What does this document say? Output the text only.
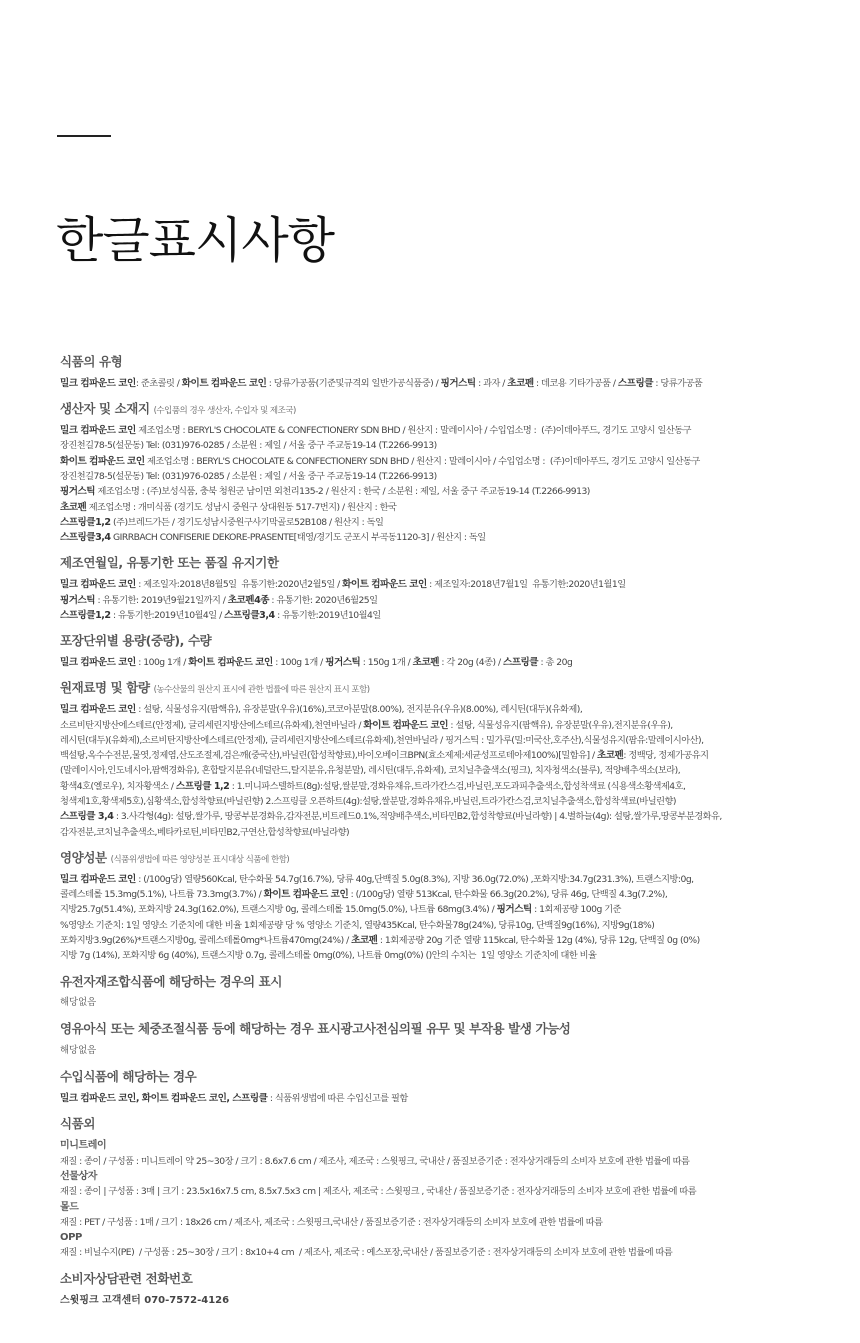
한글표시사항
식품의 유형

밀크 컴파운드 코인: 준초콜릿 / 화이트 컴파운드 코인 : 당류가공품(기준및규격외 일반가공식품중) / 핑거스틱 : 과자 / 초코펜 : 데코용 기타가공품 / 스프링클 : 당류가공품

생산자 및 소재지 (수입품의 경우 생산자, 수입자 및 제조국)

밀크 컴파운드 코인 제조업소명 : BERYL'S CHOCOLATE & CONFECTIONERY SDN BHD / 원산지 : 말레이시아 / 수입업소명 :  (주)이데아푸드, 경기도 고양시 일산동구

장진천길78-5(설문동) Tel: (031)976-0285 / 소분원 : 제일 / 서울 중구 주교동19-14 (T.2266-9913)

화이트 컴파운드 코인 제조업소명 : BERYL'S CHOCOLATE & CONFECTIONERY SDN BHD / 원산지 : 말레이시아 / 수입업소명 :  (주)이데아푸드, 경기도 고양시 일산동구

장진천길78-5(설문동) Tel: (031)976-0285 / 소분원 : 제일 / 서울 중구 주교동19-14 (T.2266-9913)

핑거스틱 제조업소명 : (주)보성식품, 충북 청원군 남이면 외천리135-2 / 원산지 : 한국 / 소분원 : 제일, 서울 중구 주교동19-14 (T.2266-9913)

초코펜 제조업소명 : 개미식품 (경기도 성남시 중원구 상대원동 517-7번지) / 원산지 : 한국

스프링클1,2 (주)브레드가든 / 경기도성남시중원구사기막골로52B108 / 원산지 : 독일

스프링클3,4 GIRRBACH CONFISERIE DEKORE-PRASENTE[태영/경기도 군포시 부곡동1120-3] / 원산지 : 독일

제조연월일, 유통기한 또는 품질 유지기한

밀크 컴파운드 코인 : 제조일자:2018년8월5일  유통기한:2020년2월5일 / 화이트 컴파운드 코인 : 제조일자:2018년7월1일  유통기한:2020년1월1일

핑거스틱 : 유통기한: 2019년9월21일까지 / 초코펜4종 : 유통기한: 2020년6월25일

스프링클1,2 : 유통기한:2019년10월4일 / 스프링클3,4 : 유통기한:2019년10월4일

포장단위별 용량(중량), 수량

밀크 컴파운드 코인 : 100g 1개 / 화이트 컴파운드 코인 : 100g 1개 / 핑거스틱 : 150g 1개 / 초코펜 : 각 20g (4종) / 스프링클 : 총 20g

원재료명 및 함량 (농수산물의 원산지 표시에 관한 법률에 따른 원산지 표시 포함)

밀크 컴파운드 코인 : 설탕, 식물성유지(팜핵유), 유장분말(우유)(16%),코코아분말(8.00%), 전지분유(우유)(8.00%), 레시틴(대두)(유화제),

소르비탄지방산에스테르(안정제), 글리세린지방산에스테르(유화제),천연바닐라 / 화이트 컴파운드 코인 : 설탕, 식물성유지(팜핵유), 유장분말(우유),전지분유(우유),

레시틴(대두)(유화제),소르비탄지방산에스테르(안정제), 글리세린지방산에스테르(유화제),천연바닐라 / 핑거스틱 : 밀가루(밀:미국산,호주산),식물성유지(팜유:말레이시아산),

백설탕,옥수수전분,물엿,정제염,산도조절제,검은깨(중국산),바닐린(합성착향료),바이오베이크BPN(효소제제:세균성프로테아제100%)[밀함유] / 초코펜: 정백당, 정제가공유지

(말레이시아,인도네시아,팜핵경화유), 혼합탈지분유(네덜란드,탈지분유,유청분말), 레시틴(대두,유화제), 코치닐추출색소(핑크), 치자청색소(블루), 적양배추색소(보라),

황색4호(옐로우), 치자황색소 / 스프링클 1,2 : 1.미니파스텔하트(8g):설탕,쌀분말,경화유채유,트라가칸스검,바닐린,포도과피추출색소,합성착색료 (식용색소황색제4호,

청색제1호,황색제5호),심황색소,합성착향료(바닐린향) 2.스프링클 오픈하트(4g):설탕,쌀분말,경화유채유,바닐린,트라가칸스검,코치닐추출색소,합성착색료(바닐린향)

스프링클 3,4 : 3.사각형(4g): 설탕,쌀가루, 땅콩부분경화유,감자전분,비트레드0.1%,적양배추색소,비타민B2,합성착향료(바닐라향) | 4.별하늘(4g): 설탕,쌀가루,땅콩부분경화유,

감자전분,코치닐추출색소,베타카로틴,비타민B2,구연산,합성착향료(바닐라향)

영양성분 (식품위생법에 따른 영양성분 표시대상 식품에 한함)

밀크 컴파운드 코인 : (/100g당) 열량560Kcal, 탄수화물 54.7g(16.7%), 당류 40g,단백질 5.0g(8.3%), 지방 36.0g(72.0%) ,포화지방:34.7g(231.3%), 트랜스지방:0g,

콜레스테롤 15.3mg(5.1%), 나트륨 73.3mg(3.7%) / 화이트 컴파운드 코인 : (/100g당) 열량 513Kcal, 탄수화물 66.3g(20.2%), 당류 46g, 단백질 4.3g(7.2%),

지방25.7g(51.4%), 포화지방 24.3g(162.0%), 트랜스지방 0g, 콜레스테롤 15.0mg(5.0%), 나트륨 68mg(3.4%) / 핑거스틱 : 1회제공량 100g 기준

%영양소 기준치: 1일 영양소 기준치에 대한 비율 1회제공량 당 % 영양소 기준치, 열량435Kcal, 탄수화물78g(24%), 당류10g, 단백질9g(16%), 지방9g(18%)

포화지방3.9g(26%)*트랜스지방0g, 콜레스테롤0mg*나트륨470mg(24%) / 초코펜 : 1회제공량 20g 기준 열량 115kcal, 탄수화물 12g (4%), 당류 12g, 단백질 0g (0%)

지방 7g (14%), 포화지방 6g (40%), 트랜스지방 0.7g, 콜레스테롤 0mg(0%), 나트륨 0mg(0%) ()안의 수치는  1일 영양소 기준치에 대한 비율

유전자재조합식품에 해당하는 경우의 표시

해당없음

영유아식 또는 체중조절식품 등에 해당하는 경우 표시광고사전심의필 유무 및 부작용 발생 가능성

해당없음

수입식품에 해당하는 경우

밀크 컴파운드 코인, 화이트 컴파운드 코인, 스프링클 : 식품위생법에 따른 수입신고를 필함

식품외

미니트레이

재질 : 종이 / 구성품 : 미니트레이 약 25~30장 / 크기 : 8.6x7.6 cm / 제조사, 제조국 : 스윗핑크, 국내산 / 품질보증기준 : 전자상거래등의 소비자 보호에 관한 법률에 따름

선물상자

재질 : 종이 | 구성품 : 3매 | 크기 : 23.5x16x7.5 cm, 8.5x7.5x3 cm | 제조사, 제조국 : 스윗핑크 , 국내산 / 품질보증기준 : 전자상거래등의 소비자 보호에 관한 법률에 따름

몰드

재질 : PET / 구성품 : 1매 / 크기 : 18x26 cm / 제조사, 제조국 : 스윗핑크,국내산 / 품질보증기준 : 전자상거래등의 소비자 보호에 관한 법률에 따름

OPP

재질 : 비닐수지(PE)  / 구성품 : 25~30장 / 크기 : 8x10+4 cm  / 제조사, 제조국 : 예스포장,국내산 / 품질보증기준 : 전자상거래등의 소비자 보호에 관한 법률에 따름

소비자상담관련 전화번호

스윗핑크 고객센터 070-7572-4126
